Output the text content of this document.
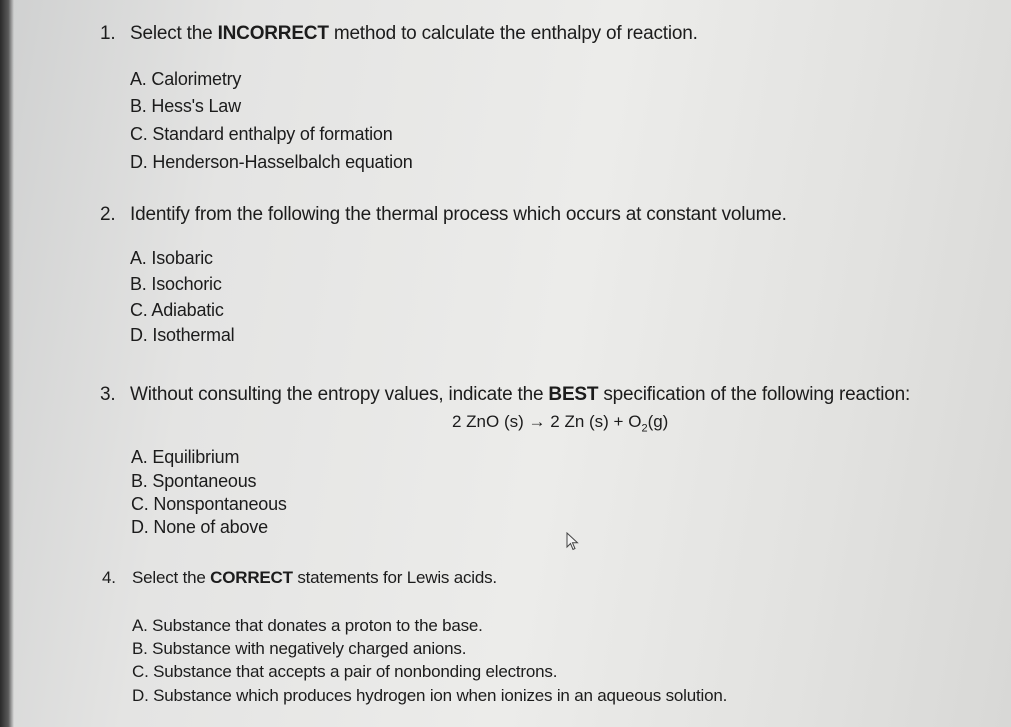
1. Select the INCORRECT method to calculate the enthalpy of reaction.
A. Calorimetry
B. Hess's Law
C. Standard enthalpy of formation
D. Henderson-Hasselbalch equation
2. Identify from the following the thermal process which occurs at constant volume.
A. Isobaric
B. Isochoric
C. Adiabatic
D. Isothermal
3. Without consulting the entropy values, indicate the BEST specification of the following reaction:
2 ZnO (s) → 2 Zn $(s) + O_2(g)$
A. Equilibrium
B. Spontaneous
C. Nonspontaneous
D. None of above
4. Select the CORRECT statements for Lewis acids.
A. Substance that donates a proton to the base.
B. Substance with negatively charged anions.
C. Substance that accepts a pair of nonbonding electrons.
D. Substance which produces hydrogen ion when ionizes in an aqueous solution.
